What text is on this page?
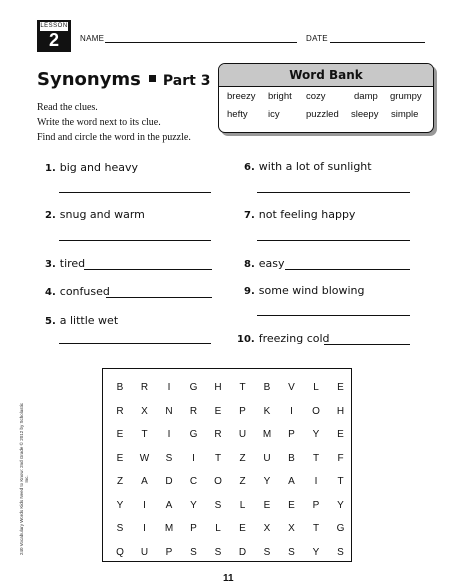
LESSON
2	NAME	DATE
Synonyms Part 3
Read the clues.
Write the word next to its clue.
Find and circle the word in the puzzle.
Word Bank
breezy bright cozy	damp grumpy
hefty icy	puzzled sleepy simple
1. big and heavy
2. snug and warm
3. tired
4. confused
5. a little wet
6. with a lot of sunlight
7. not feeling happy
8. easy
9. some wind blowing
10. freezing cold
B	R	I	G	H	T	B	V	L	E
R	X	N	R	E	P	K	I	O	H
E	T	I	G	R	U	M	P	Y	E
E	W	S	I	T	Z	U	B	T	F
Z	A	D	C	O	Z	Y	A	I	T
Y	I	A	Y	S	L	E	E	P	Y
S	I	M	P	L	E	X	X	T	G
Q	U	P	S	S	D	S	S	Y	S
11
240 Vocabulary Words Kids Need to Know: 2nd Grade © 2012 by Scholastic Inc.
